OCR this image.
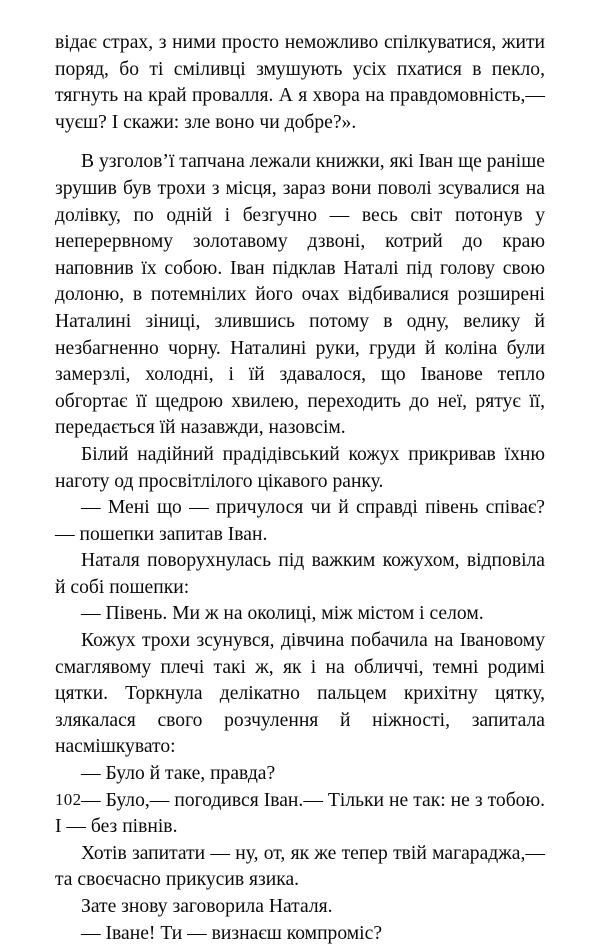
відає страх, з ними просто неможливо спілкуватися, жити поряд, бо ті сміливці змушують усіх пхатися в пекло, тягнуть на край провалля. А я хвора на правдомовність,— чуєш? І скажи: зле воно чи добре?».

В узголов’ї тапчана лежали книжки, які Іван ще раніше зрушив був трохи з місця, зараз вони поволі зсувалися на долівку, по одній і безгучно — весь світ потонув у неперервному золотавому дзвоні, котрий до краю наповнив їх собою. Іван підклав Наталі під голову свою долоню, в потемнілих його очах відбивалися розширені Наталині зіниці, злившись потому в одну, велику й незбагненно чорну. Наталині руки, груди й коліна були замерзлі, холодні, і їй здавалося, що Іванове тепло обгортає її щедрою хвилею, переходить до неї, рятує її, передається їй назавжди, назовсім.

Білий надійний прадідівський кожух прикривав їхню наготу од просвітлілого цікавого ранку.

— Мені що — причулося чи й справді півень співає? — пошепки запитав Іван.

Наталя поворухнулась під важким кожухом, відповіла й собі пошепки:

— Півень. Ми ж на околиці, між містом і селом.

Кожух трохи зсунувся, дівчина побачила на Івановому смаглявому плечі такі ж, як і на обличчі, темні родимі цятки. Торкнула делікатно пальцем крихітну цятку, злякалася свого розчулення й ніжності, запитала насмішкувато:

— Було й таке, правда?

— Було,— погодився Іван.— Тільки не так: не з тобою. І — без півнів.

Хотів запитати — ну, от, як же тепер твій магараджа,— та своєчасно прикусив язика.

Зате знову заговорила Наталя.

— Іване! Ти — визнаєш компроміс?

102
